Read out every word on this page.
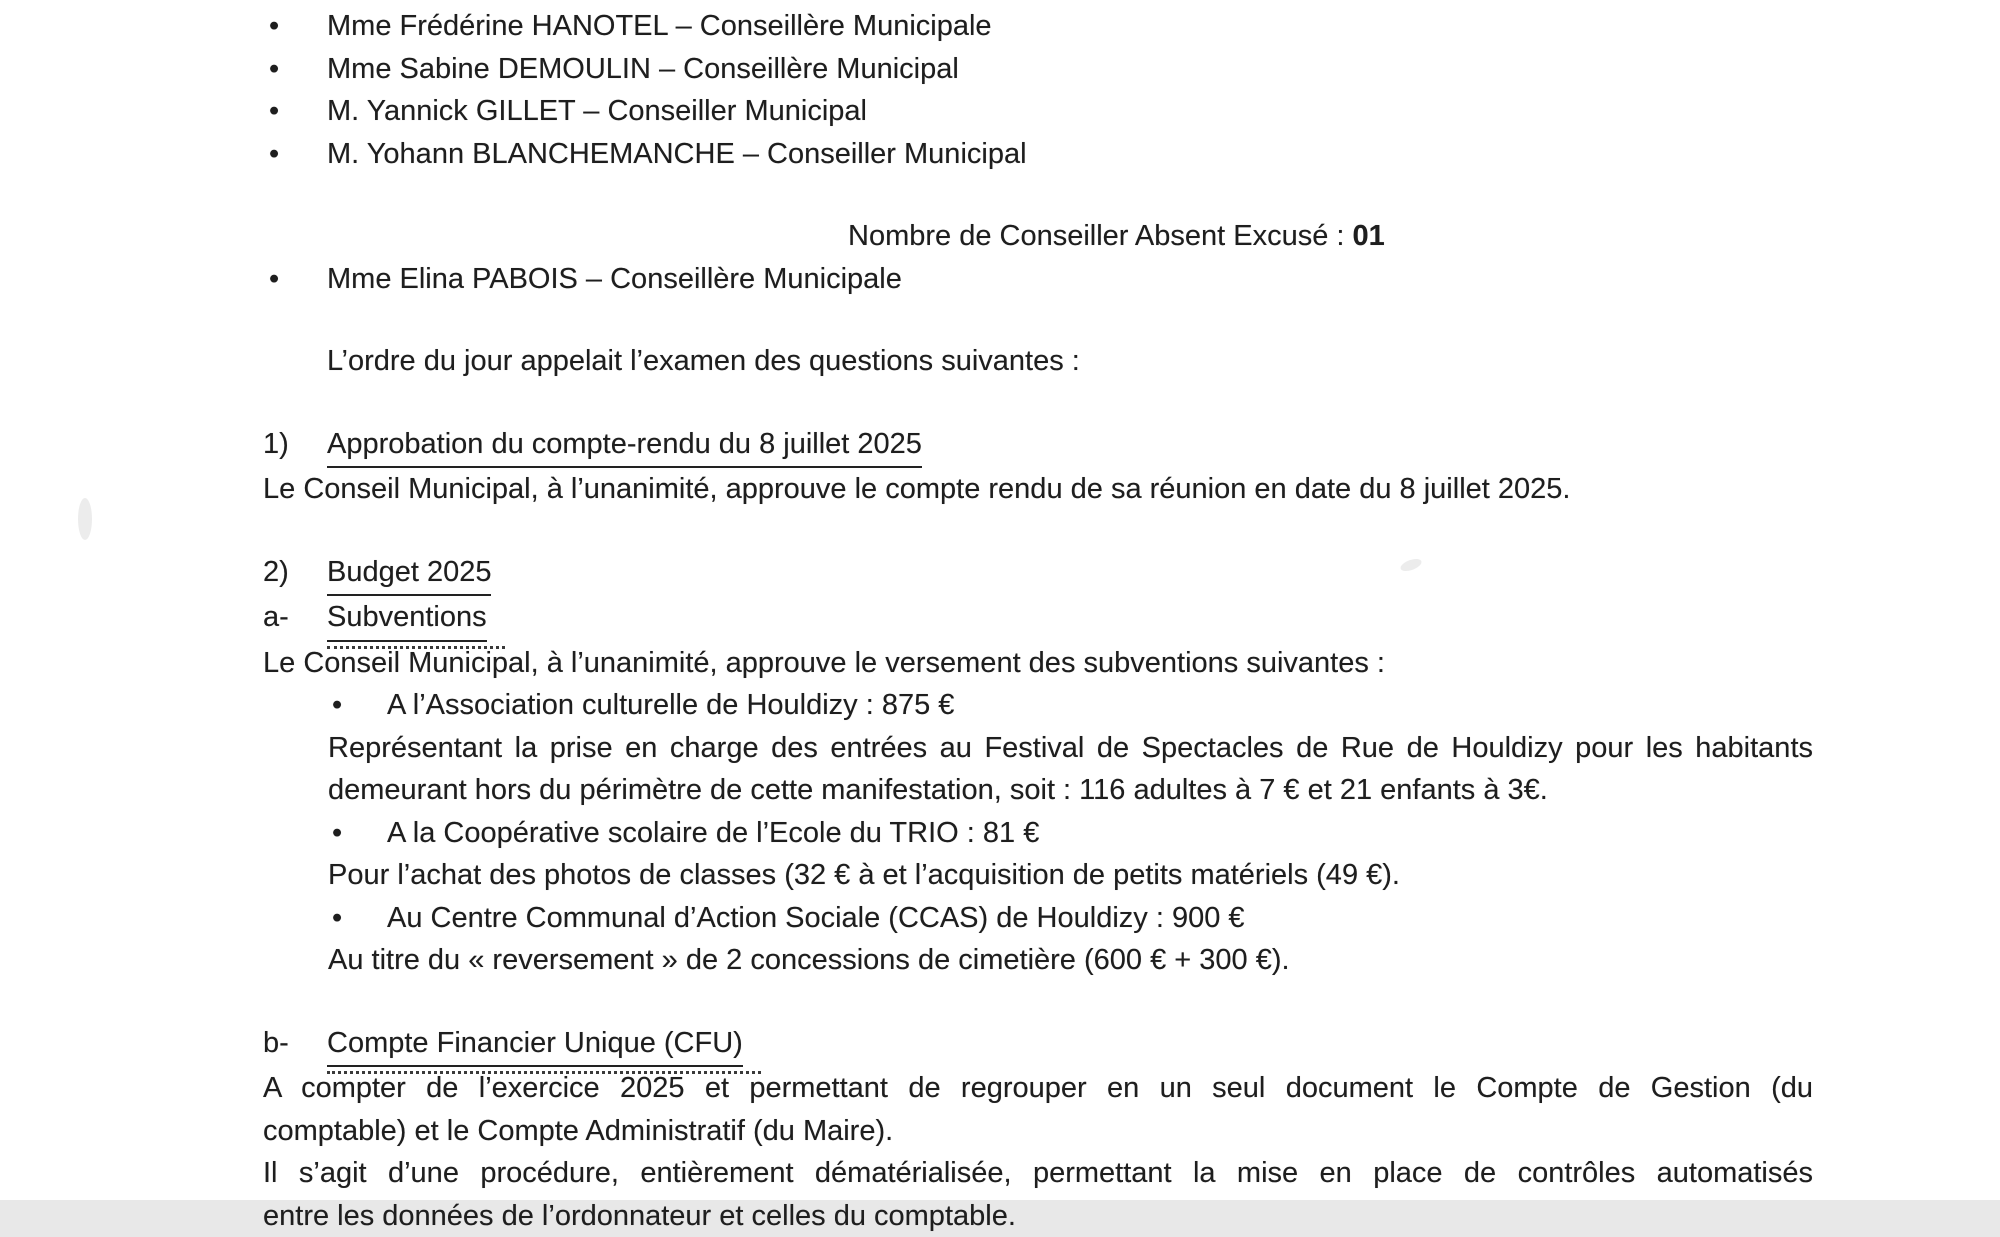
•	Mme Frédérine HANOTEL – Conseillère Municipale
•	Mme Sabine DEMOULIN – Conseillère Municipal
•	M. Yannick GILLET – Conseiller Municipal
•	M. Yohann BLANCHEMANCHE – Conseiller Municipal
Nombre de Conseiller Absent Excusé : 01
•	Mme Elina PABOIS – Conseillère Municipale
L’ordre du jour appelait l’examen des questions suivantes :
1)	Approbation du compte-rendu du 8 juillet 2025
Le Conseil Municipal, à l’unanimité, approuve le compte rendu de sa réunion en date du 8 juillet 2025.
2)	Budget 2025
a-	Subventions
Le Conseil Municipal, à l’unanimité, approuve le versement des subventions suivantes :
•	A l’Association culturelle de Houldizy : 875 €
Représentant la prise en charge des entrées au Festival de Spectacles de Rue de Houldizy pour les habitants
demeurant hors du périmètre de cette manifestation, soit : 116 adultes à 7 € et 21 enfants à 3€.
•	A la Coopérative scolaire de l’Ecole du TRIO : 81 €
Pour l’achat des photos de classes (32 € à et l’acquisition de petits matériels (49 €).
•	Au Centre Communal d’Action Sociale (CCAS) de Houldizy : 900 €
Au titre du « reversement » de 2 concessions de cimetière (600 € + 300 €).
b-	Compte Financier Unique (CFU)
A compter de l’exercice 2025 et permettant de regrouper en un seul document le Compte de Gestion (du
comptable) et le Compte Administratif (du Maire).
Il s’agit d’une procédure, entièrement dématérialisée, permettant la mise en place de contrôles automatisés
entre les données de l’ordonnateur et celles du comptable.
